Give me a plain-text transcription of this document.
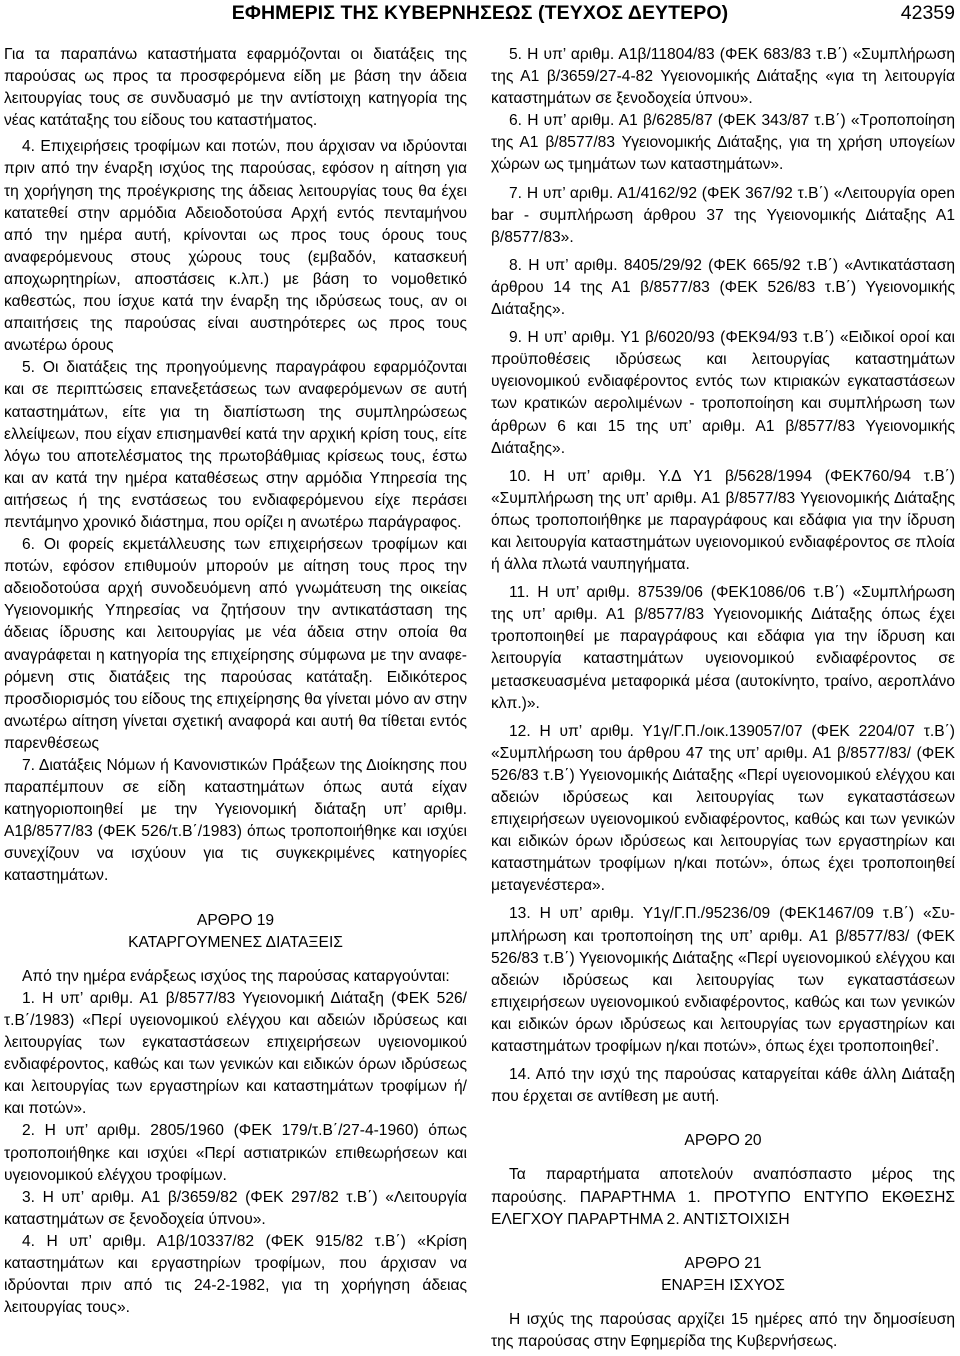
ΕΦΗΜΕΡΙΣ ΤΗΣ ΚΥΒΕΡΝΗΣΕΩΣ (ΤΕΥΧΟΣ ΔΕΥΤΕΡΟ)	42359

Για τα παραπάνω καταστήματα εφαρμόζονται οι διατάξεις της παρούσας ως προς τα προσφερόμενα είδη με βάση την άδεια λειτουργίας τους σε συνδυασμό με την αντίστοιχη κατηγορία της νέας κατάταξης του είδους του καταστήματος.

4. Επιχειρήσεις τροφίμων και ποτών, που άρχισαν να ιδρύονται πριν από την έναρξη ισχύος της παρούσας, εφόσον η αίτηση για τη χορήγηση της προέγκρισης της άδειας λειτουργίας τους θα έχει κατατεθεί στην αρμόδια Αδειοδοτούσα Αρχή εντός πενταμήνου από την ημέρα αυτή, κρίνονται ως προς τους όρους τους αναφερόμενους στους χώρους τους (εμβαδόν, κατασκευή αποχωρητηρίων, αποστάσεις κ.λπ.) με βάση το νομοθετικό καθεστώς, που ίσχυε κατά την έναρξη της ιδρύσεως τους, αν οι απαιτήσεις της παρούσας είναι αυστηρότερες ως προς τους ανωτέρω όρους

5. Οι διατάξεις της προηγούμενης παραγράφου εφαρμόζονται και σε περιπτώσεις επανεξετάσεως των αναφερόμενων σε αυτή καταστημάτων, είτε για τη διαπίστωση της συμπληρώσεως ελλείψεων, που είχαν επισημανθεί κατά την αρχική κρίση τους, είτε λόγω του αποτελέσματος της πρωτοβάθμιας κρίσεως τους, έστω και αν κατά την ημέρα καταθέσεως στην αρμόδια Υπηρεσία της αιτήσεως ή της ενστάσεως του ενδιαφερόμενου είχε περάσει πεντάμηνο χρονικό διάστημα, που ορίζει η ανωτέρω παράγραφος.

6. Οι φορείς εκμετάλλευσης των επιχειρήσεων τροφίμων και ποτών, εφόσον επιθυμούν μπορούν με αίτηση τους προς την αδειοδοτούσα αρχή συνοδευόμενη από γνωμάτευση της οικείας Υγειονομικής Υπηρεσίας να ζητήσουν την αντικατάσταση της άδειας ίδρυσης και λειτουργίας με νέα άδεια στην οποία θα αναγράφεται η κατηγορία της επιχείρησης σύμφωνα με την αναφερόμενη στις διατάξεις της παρούσας κατάταξη. Ειδικότερος προσδιορισμός του είδους της επιχείρησης θα γίνεται μόνο αν στην ανωτέρω αίτηση γίνεται σχετική αναφορά και αυτή θα τίθεται εντός παρενθέσεως

7. Διατάξεις Νόμων ή Κανονιστικών Πράξεων της Διοίκησης που παραπέμπουν σε είδη καταστημάτων όπως αυτά είχαν κατηγοριοποιηθεί με την Υγειονομική διάταξη υπ’ αριθμ. Α1β/8577/83 (ΦΕΚ 526/τ.Β΄/1983) όπως τροποποιήθηκε και ισχύει συνεχίζουν να ισχύουν για τις συγκεκριμένες κατηγορίες καταστημάτων.

ΑΡΘΡΟ 19

ΚΑΤΑΡΓΟΥΜΕΝΕΣ ΔΙΑΤΑΞΕΙΣ

Από την ημέρα ενάρξεως ισχύος της παρούσας καταργούνται:

1. Η υπ’ αριθμ. Α1 β/8577/83 Υγειονομική Διάταξη (ΦΕΚ 526/τ.Β΄/1983) «Περί υγειονομικού ελέγχου και αδειών ιδρύσεως και λειτουργίας των εγκαταστάσεων επιχειρήσεων υγειονομικού ενδιαφέροντος, καθώς και των γενικών και ειδικών όρων ιδρύσεως και λειτουργίας των εργαστηρίων και καταστημάτων τροφίμων ή/ και ποτών».

2. Η υπ’ αριθμ. 2805/1960 (ΦΕΚ 179/τ.Β΄/27-4-1960) όπως τροποποιήθηκε και ισχύει «Περί αστιατρικών επιθεωρήσεων και υγειονομικού ελέγχου τροφίμων.

3. Η υπ’ αριθμ. Α1 β/3659/82 (ΦΕΚ 297/82 τ.Β΄) «Λειτουργία καταστημάτων σε ξενοδοχεία ύπνου».

4. Η υπ’ αριθμ. Α1β/10337/82 (ΦΕΚ 915/82 τ.Β΄) «Κρίση καταστημάτων και εργαστηρίων τροφίμων, που άρχισαν να ιδρύονται πριν από τις 24-2-1982, για τη χορήγηση άδειας λειτουργίας τους».

5. Η υπ’ αριθμ. Α1β/11804/83 (ΦΕΚ 683/83 τ.Β΄) «Συμπλήρωση της Α1 β/3659/27-4-82 Υγειονομικής Διάταξης «για τη λειτουργία καταστημάτων σε ξενοδοχεία ύπνου».

6. Η υπ’ αριθμ. Α1 β/6285/87 (ΦΕΚ 343/87 τ.Β΄) «Τροποποίηση της Α1 β/8577/83 Υγειονομικής Διάταξης, για τη χρήση υπογείων χώρων ως τμημάτων των καταστημάτων».

7. Η υπ’ αριθμ. Α1/4162/92 (ΦΕΚ 367/92 τ.Β΄) «Λειτουργία open bar - συμπλήρωση άρθρου 37 της Υγειονομικής Διάταξης Α1 β/8577/83».

8. Η υπ’ αριθμ. 8405/29/92 (ΦΕΚ 665/92 τ.Β΄) «Αντικατάσταση άρθρου 14 της Α1 β/8577/83 (ΦΕΚ 526/83 τ.Β΄) Υγειονομικής Διάταξης».

9. Η υπ’ αριθμ. Υ1 β/6020/93 (ΦΕΚ94/93 τ.Β΄) «Ειδικοί οροί και προϋποθέσεις ιδρύσεως και λειτουργίας καταστημάτων υγειονομικού ενδιαφέροντος εντός των κτιριακών εγκαταστάσεων των κρατικών αερολιμένων - τροποποίηση και συμπλήρωση των άρθρων 6 και 15 της υπ’ αριθμ. Α1 β/8577/83 Υγειονομικής Διάταξης».

10. Η υπ’ αριθμ. Υ.Δ Υ1 β/5628/1994 (ΦΕΚ760/94 τ.Β΄) «Συμπλήρωση της υπ’ αριθμ. Α1 β/8577/83 Υγειονομικής Διάταξης όπως τροποποιήθηκε με παραγράφους και εδάφια για την ίδρυση και λειτουργία καταστημάτων υγειονομικού ενδιαφέροντος σε πλοία ή άλλα πλωτά ναυπηγήματα.

11. Η υπ’ αριθμ. 87539/06 (ΦΕΚ1086/06 τ.Β΄) «Συμπλήρωση της υπ’ αριθμ. Α1 β/8577/83 Υγειονομικής Διάταξης όπως έχει τροποποιηθεί με παραγράφους και εδάφια για την ίδρυση και λειτουργία καταστημάτων υγειονομικού ενδιαφέροντος σε μετασκευασμένα μεταφορικά μέσα (αυτοκίνητο, τραίνο, αεροπλάνο κλπ.)».

12. Η υπ’ αριθμ. Υ1γ/Γ.Π./οικ.139057/07 (ΦΕΚ 2204/07 τ.Β΄) «Συμπλήρωση του άρθρου 47 της υπ’ αριθμ. Α1 β/8577/83/ (ΦΕΚ 526/83 τ.Β΄) Υγειονομικής Διάταξης «Περί υγειονομικού ελέγχου και αδειών ιδρύσεως και λειτουργίας των εγκαταστάσεων επιχειρήσεων υγειονομικού ενδιαφέροντος, καθώς και των γενικών και ειδικών όρων ιδρύσεως και λειτουργίας των εργαστηρίων και καταστημάτων τροφίμων η/και ποτών», όπως έχει τροποποιηθεί μεταγενέστερα».

13. Η υπ’ αριθμ. Υ1γ/Γ.Π./95236/09 (ΦΕΚ1467/09 τ.Β΄) «Συμπλήρωση και τροποποίηση της υπ’ αριθμ. Α1 β/8577/83/ (ΦΕΚ 526/83 τ.Β΄) Υγειονομικής Διάταξης «Περί υγειονομικού ελέγχου και αδειών ιδρύσεως και λειτουργίας των εγκαταστάσεων επιχειρήσεων υγειονομικού ενδιαφέροντος, καθώς και των γενικών και ειδικών όρων ιδρύσεως και λειτουργίας των εργαστηρίων και καταστημάτων τροφίμων η/και ποτών», όπως έχει τροποποιηθεί’.

14. Από την ισχύ της παρούσας καταργείται κάθε άλλη Διάταξη που έρχεται σε αντίθεση με αυτή.

ΑΡΘΡΟ 20

Τα παραρτήματα αποτελούν αναπόσπαστο μέρος της παρούσης. ΠΑΡΑΡΤΗΜΑ 1. ΠΡΟΤΥΠΟ ΕΝΤΥΠΟ ΕΚΘΕΣΗΣ ΕΛΕΓΧΟΥ ΠΑΡΑΡΤΗΜΑ 2. ΑΝΤΙΣΤΟΙΧΙΣΗ

ΑΡΘΡΟ 21

ΕΝΑΡΞΗ ΙΣΧΥΟΣ

Η ισχύς της παρούσας αρχίζει 15 ημέρες από την δημοσίευση της παρούσας στην Εφημερίδα της Κυβερνήσεως.
